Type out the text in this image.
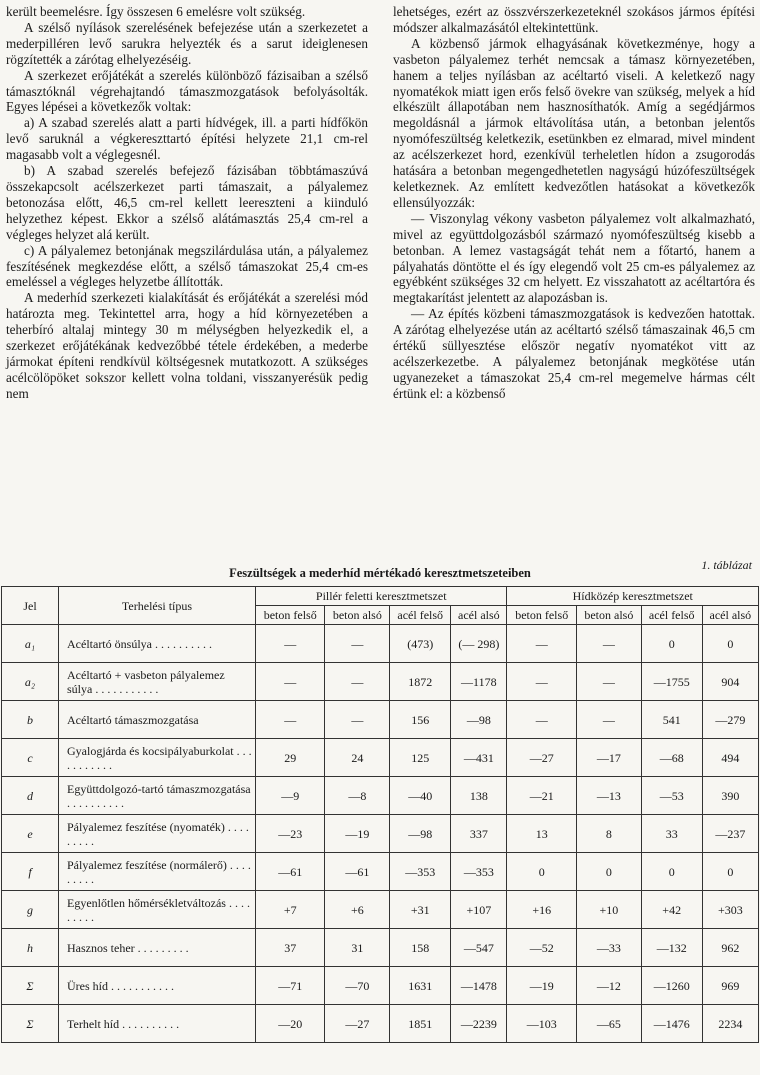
került beemelésre. Így összesen 6 emelésre volt szükség.

A szélső nyílások szerelésének befejezése után a szerkezetet a mederpilléren levő sarukra helyezték és a sarut ideiglenesen rögzítették a zárótag elhelyezéséig.

A szerkezet erőjátékát a szerelés különböző fázisaiban a szélső támasztóknál végrehajtandó támaszmozgatások befolyásolták. Egyes lépései a következők voltak:

a) A szabad szerelés alatt a parti hídvégek, ill. a parti hídfőkön levő saruknál a végkereszttartó építési helyzete 21,1 cm-rel magasabb volt a véglegesnél.

b) A szabad szerelés befejező fázisában többtámaszúvá összekapcsolt acélszerkezet parti támaszait, a pályalemez betonozása előtt, 46,5 cm-rel kellett leereszteni a kiinduló helyzethez képest. Ekkor a szélső alátámasztás 25,4 cm-rel a végleges helyzet alá került.

c) A pályalemez betonjának megszilárdulása után, a pályalemez feszítésének megkezdése előtt, a szélső támaszokat 25,4 cm-es emeléssel a végleges helyzetbe állították.

A mederhíd szerkezeti kialakítását és erőjátékát a szerelési mód határozta meg. Tekintettel arra, hogy a híd környezetében a teherbíró altalaj mintegy 30 m mélységben helyezkedik el, a szerkezet erőjátékának kedvezőbbé tétele érdekében, a mederbe jármokat építeni rendkívül költségesnek mutatkozott. A szükséges acélcölöpöket sokszor kellett volna toldani, visszanyerésük pedig nem

lehetséges, ezért az összvérszerkezeteknél szokásos jármos építési módszer alkalmazásától eltekintettünk.

A közbenső jármok elhagyásának következménye, hogy a vasbeton pályalemez terhét nemcsak a támasz környezetében, hanem a teljes nyílásban az acéltartó viseli. A keletkező nagy nyomatékok miatt igen erős felső övekre van szükség, melyek a híd elkészült állapotában nem hasznosíthatók. Amíg a segédjármos megoldásnál a jármok eltávolítása után, a betonban jelentős nyomófeszültség keletkezik, esetünkben ez elmarad, mivel mindent az acélszerkezet hord, ezenkívül terheletlen hídon a zsugorodás hatására a betonban megengedhetetlen nagyságú húzófeszültségek keletkeznek. Az említett kedvezőtlen hatásokat a következők ellensúlyozzák:

— Viszonylag vékony vasbeton pályalemez volt alkalmazható, mivel az együttdolgozásból származó nyomófeszültség kisebb a betonban. A lemez vastagságát tehát nem a főtartó, hanem a pályahatás döntötte el és így elegendő volt 25 cm-es pályalemez az egyébként szükséges 32 cm helyett. Ez visszahatott az acéltartóra és megtakarítást jelentett az alapozásban is.

— Az építés közbeni támaszmozgatások is kedvezően hatottak. A zárótag elhelyezése után az acéltartó szélső támaszainak 46,5 cm értékű süllyesztése először negatív nyomatékot vitt az acélszerkezetbe. A pályalemez betonjának megkötése után ugyanezeket a támaszokat 25,4 cm-rel megemelve hármas célt értünk el: a közbenső

1. táblázat
Feszültségek a mederhíd mértékadó keresztmetszeteiben
Jel	Terhelési típus	Pillér feletti keresztmetszet				Hídközép keresztmetszet			
		beton felső	beton alsó	acél felső	acél alsó	beton felső	beton alsó	acél felső	acél alsó
a₁	Acéltartó önsúlya . . . . . . . . . .	—	—	(473)	(— 298)	—	—	0	0
a₂	Acéltartó + vasbeton pályalemez súlya . . . . . . . . . . .	—	—	1872	—1178	—	—	—1755	904
b	Acéltartó támaszmozgatása	—	—	156	—98	—	—	541	—279
c	Gyalogjárda és kocsipályaburkolat . . . . . . . . . . .	29	24	125	—431	—27	—17	—68	494
d	Együttdolgozó-tartó támaszmozgatása . . . . . . . . . .	—9	—8	—40	138	—21	—13	—53	390
e	Pályalemez feszítése (nyomaték) . . . . . . . . .	—23	—19	—98	337	13	8	33	—237
f	Pályalemez feszítése (normálerő) . . . . . . . . .	—61	—61	—353	—353	0	0	0	0
g	Egyenlőtlen hőmérsékletváltozás . . . . . . . . .	+7	+6	+31	+107	+16	+10	+42	+303
h	Hasznos teher . . . . . . . . .	37	31	158	—547	—52	—33	—132	962
Σ	Üres híd . . . . . . . . . . .	—71	—70	1631	—1478	—19	—12	—1260	969
Σ	Terhelt híd . . . . . . . . . .	—20	—27	1851	—2239	—103	—65	—1476	2234
